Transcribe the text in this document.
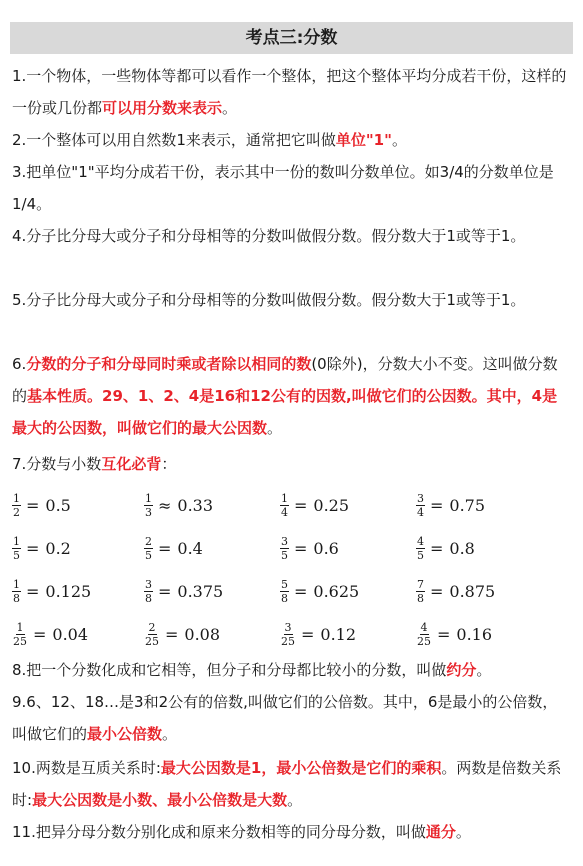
考点三:分数
1.一个物体，一些物体等都可以看作一个整体，把这个整体平均分成若干份，这样的一份或几份都可以用分数来表示。
2.一个整体可以用自然数1来表示，通常把它叫做单位"1"。
3.把单位"1"平均分成若干份，表示其中一份的数叫分数单位。如3/4的分数单位是1/4。
4.分子比分母大或分子和分母相等的分数叫做假分数。假分数大于1或等于1。
5.分子比分母大或分子和分母相等的分数叫做假分数。假分数大于1或等于1。
6.分数的分子和分母同时乘或者除以相同的数(0除外)，分数大小不变。这叫做分数的基本性质。29、1、2、4是16和12公有的因数,叫做它们的公因数。其中，4是最大的公因数，叫做它们的最大公因数。
7.分数与小数互化必背：
$\frac{1}{2} = 0.5$	$\frac{1}{3} \approx 0.33$	$\frac{1}{4} = 0.25$	$\frac{3}{4} = 0.75$
$\frac{1}{5} = 0.2$	$\frac{2}{5} = 0.4$	$\frac{3}{5} = 0.6$	$\frac{4}{5} = 0.8$
$\frac{1}{8} = 0.125$	$\frac{3}{8} = 0.375$	$\frac{5}{8} = 0.625$	$\frac{7}{8} = 0.875$
$\frac{1}{25} = 0.04$	$\frac{2}{25} = 0.08$	$\frac{3}{25} = 0.12$	$\frac{4}{25} = 0.16$
8.把一个分数化成和它相等，但分子和分母都比较小的分数，叫做约分。
9.6、12、18…是3和2公有的倍数,叫做它们的公倍数。其中，6是最小的公倍数，叫做它们的最小公倍数。
10.两数是互质关系时:最大公因数是1，最小公倍数是它们的乘积。两数是倍数关系时:最大公因数是小数、最小公倍数是大数。
11.把异分母分数分别化成和原来分数相等的同分母分数，叫做通分。
